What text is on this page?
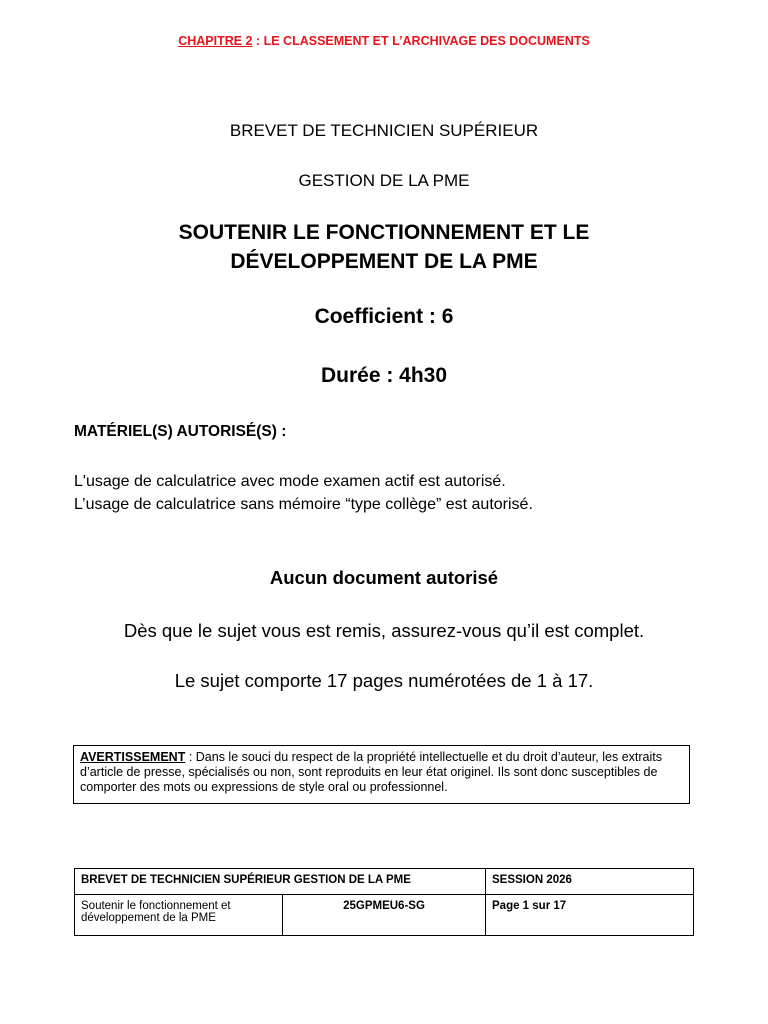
CHAPITRE 2 : LE CLASSEMENT ET L’ARCHIVAGE DES DOCUMENTS
BREVET DE TECHNICIEN SUPÉRIEUR
GESTION DE LA PME
SOUTENIR LE FONCTIONNEMENT ET LE
DÉVELOPPEMENT DE LA PME
Coefficient : 6
Durée : 4h30
MATÉRIEL(S) AUTORISÉ(S) :
L'usage de calculatrice avec mode examen actif est autorisé.
L’usage de calculatrice sans mémoire “type collège” est autorisé.
Aucun document autorisé
Dès que le sujet vous est remis, assurez-vous qu’il est complet.
Le sujet comporte 17 pages numérotées de 1 à 17.
AVERTISSEMENT : Dans le souci du respect de la propriété intellectuelle et du droit d’auteur, les extraits d’article de presse, spécialisés ou non, sont reproduits en leur état originel. Ils sont donc susceptibles de comporter des mots ou expressions de style oral ou professionnel.
BREVET DE TECHNICIEN SUPÉRIEUR GESTION DE LA PME		SESSION 2026
Soutenir le fonctionnement et développement de la PME	25GPMEU6-SG	Page 1 sur 17
